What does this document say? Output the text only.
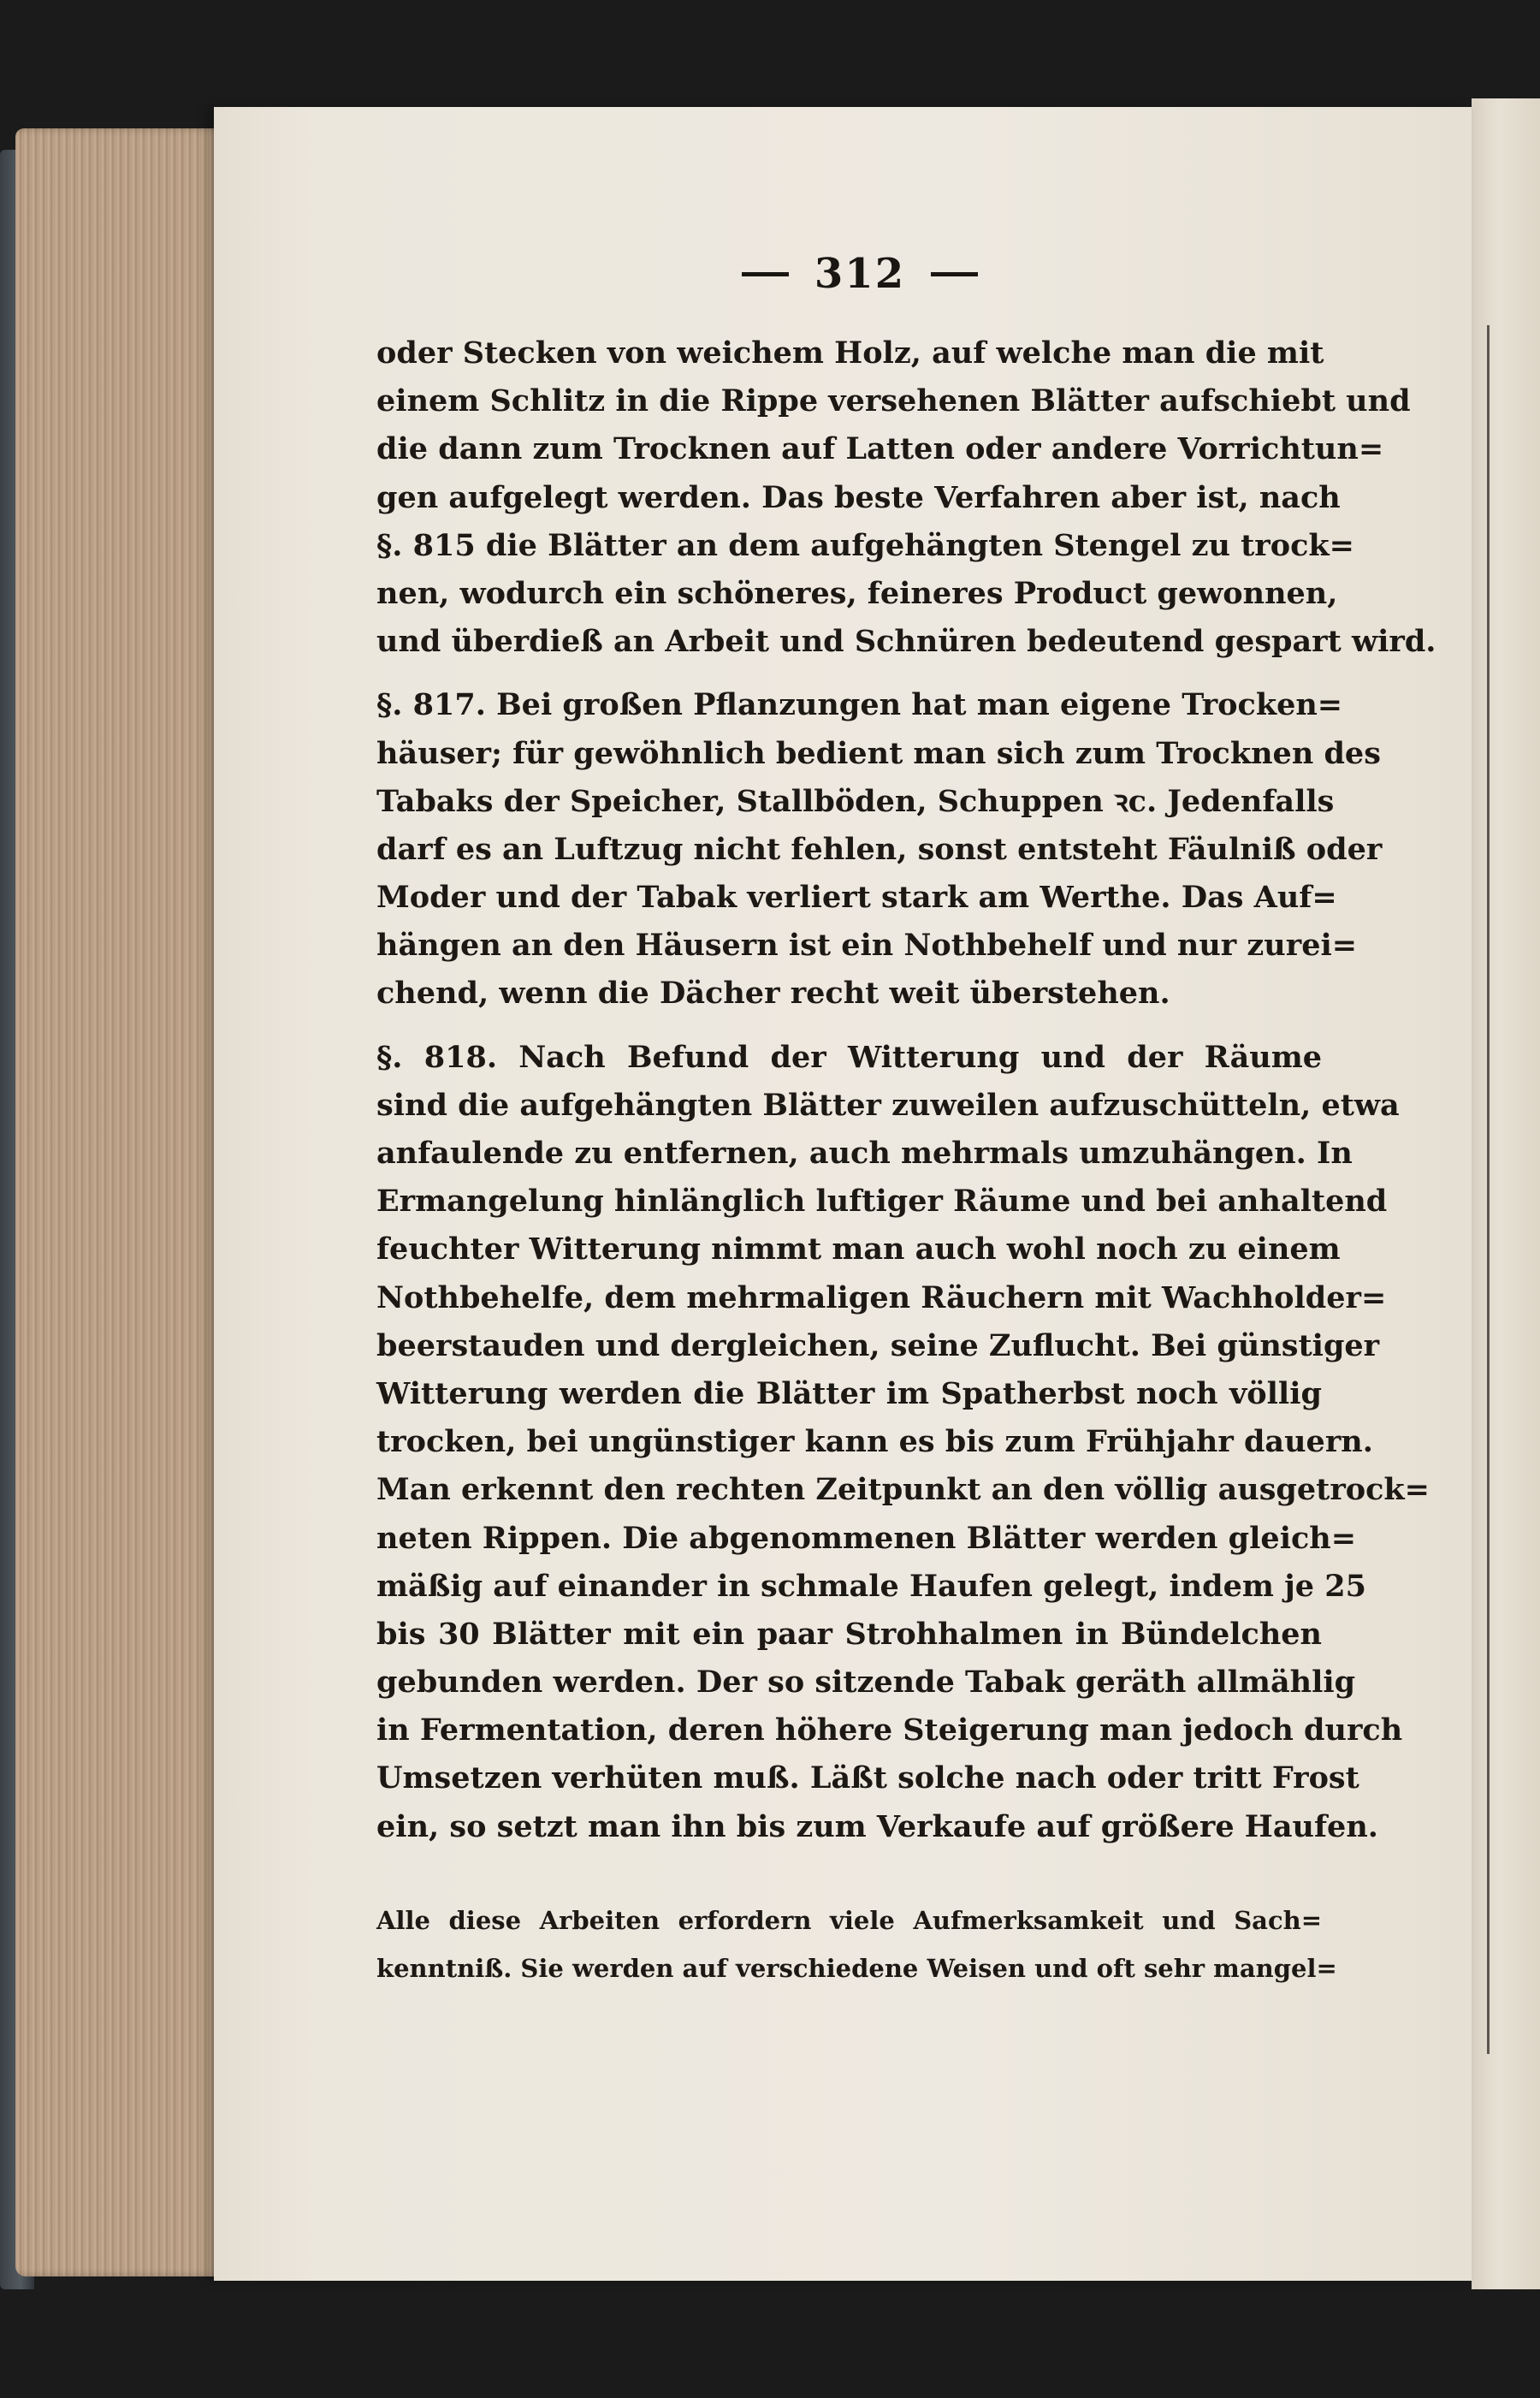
312
oder Stecken von weichem Holz, auf welche man die mit
einem Schlitz in die Rippe versehenen Blätter aufschiebt und
die dann zum Trocknen auf Latten oder andere Vorrichtun=
gen aufgelegt werden. Das beste Verfahren aber ist, nach
§. 815 die Blätter an dem aufgehängten Stengel zu trock=
nen, wodurch ein schöneres, feineres Product gewonnen,
und überdieß an Arbeit und Schnüren bedeutend gespart wird.
§. 817. Bei großen Pflanzungen hat man eigene Trocken=
häuser; für gewöhnlich bedient man sich zum Trocknen des
Tabaks der Speicher, Stallböden, Schuppen ꝛc. Jedenfalls
darf es an Luftzug nicht fehlen, sonst entsteht Fäulniß oder
Moder und der Tabak verliert stark am Werthe. Das Auf=
hängen an den Häusern ist ein Nothbehelf und nur zurei=
chend, wenn die Dächer recht weit überstehen.
§. 818. Nach Befund der Witterung und der Räume
sind die aufgehängten Blätter zuweilen aufzuschütteln, etwa
anfaulende zu entfernen, auch mehrmals umzuhängen. In
Ermangelung hinlänglich luftiger Räume und bei anhaltend
feuchter Witterung nimmt man auch wohl noch zu einem
Nothbehelfe, dem mehrmaligen Räuchern mit Wachholder=
beerstauden und dergleichen, seine Zuflucht. Bei günstiger
Witterung werden die Blätter im Spatherbst noch völlig
trocken, bei ungünstiger kann es bis zum Frühjahr dauern.
Man erkennt den rechten Zeitpunkt an den völlig ausgetrock=
neten Rippen. Die abgenommenen Blätter werden gleich=
mäßig auf einander in schmale Haufen gelegt, indem je 25
bis 30 Blätter mit ein paar Strohhalmen in Bündelchen
gebunden werden. Der so sitzende Tabak geräth allmählig
in Fermentation, deren höhere Steigerung man jedoch durch
Umsetzen verhüten muß. Läßt solche nach oder tritt Frost
ein, so setzt man ihn bis zum Verkaufe auf größere Haufen.
Alle diese Arbeiten erfordern viele Aufmerksamkeit und Sach=
kenntniß. Sie werden auf verschiedene Weisen und oft sehr mangel=
